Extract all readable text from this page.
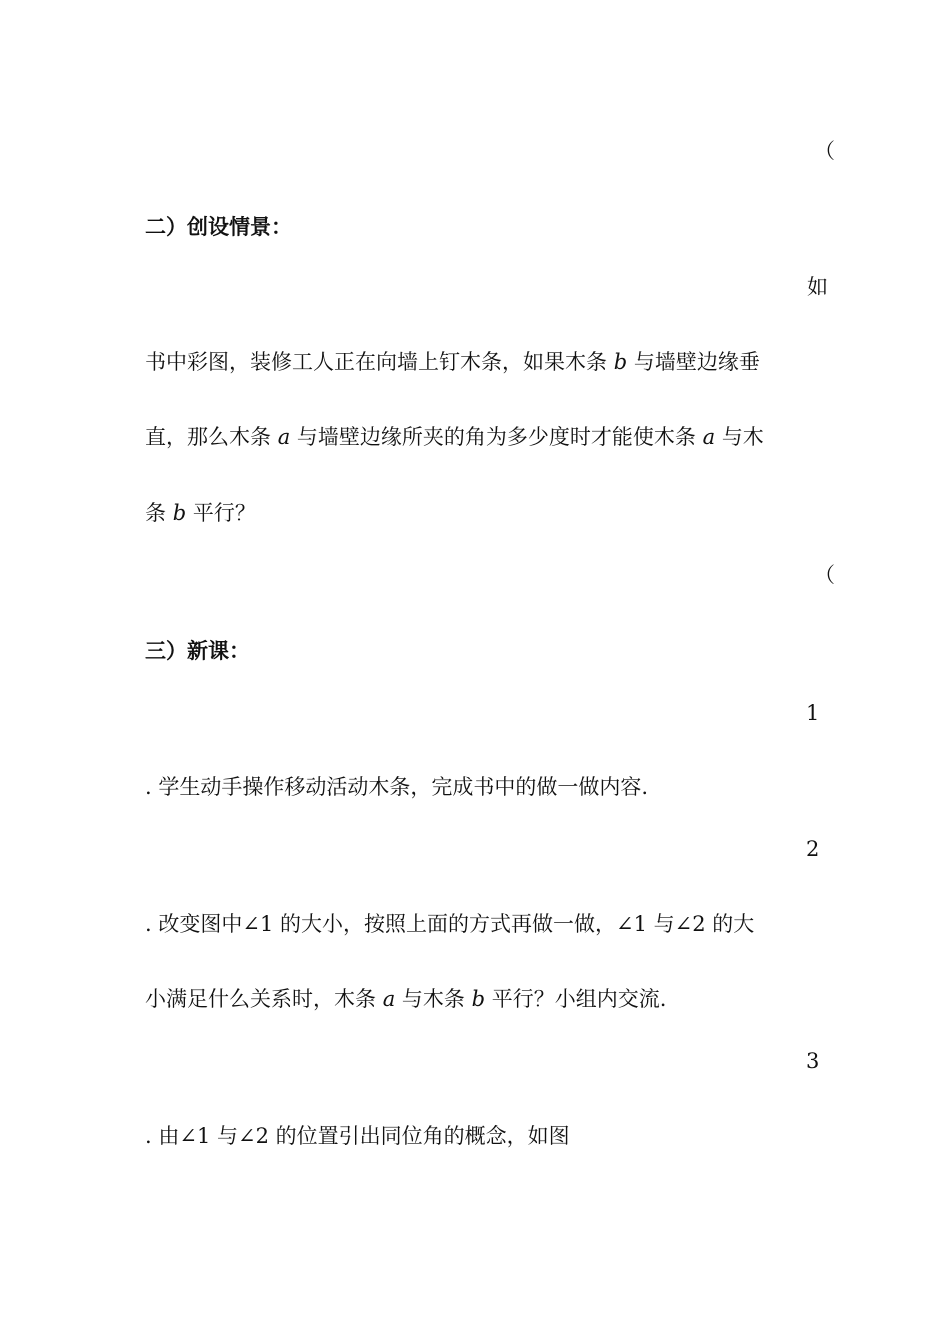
（
二）创设情景：
如
书中彩图，装修工人正在向墙上钉木条，如果木条 b 与墙壁边缘垂
直，那么木条 a 与墙壁边缘所夹的角为多少度时才能使木条 a 与木
条 b 平行？
（
三）新课：
1
. 学生动手操作移动活动木条，完成书中的做一做内容.
2
. 改变图中∠1 的大小，按照上面的方式再做一做，∠1 与∠2 的大
小满足什么关系时，木条 a 与木条 b 平行？小组内交流.
3
. 由∠1 与∠2 的位置引出同位角的概念，如图
